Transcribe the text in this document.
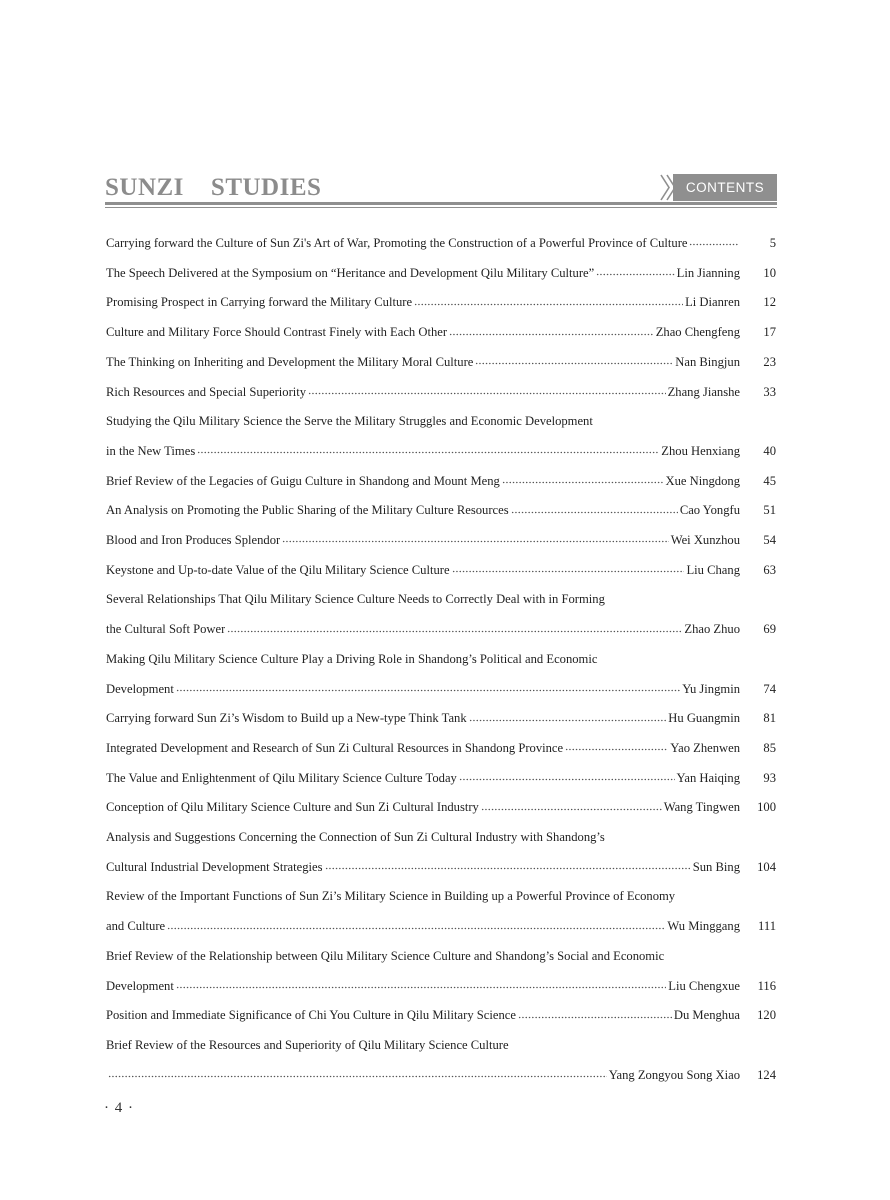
SUNZI    STUDIES	CONTENTS
Carrying forward the Culture of Sun Zi's Art of War, Promoting the Construction of a Powerful Province of Culture	5
The Speech Delivered at the Symposium on “Heritance and Development Qilu Military Culture”	Lin Jianning	10
Promising Prospect in Carrying forward the Military Culture	Li Dianren	12
Culture and Military Force Should Contrast Finely with Each Other	Zhao Chengfeng	17
The Thinking on Inheriting and Development the Military Moral Culture	Nan Bingjun	23
Rich Resources and Special Superiority	Zhang Jianshe	33
Studying the Qilu Military Science the Serve the Military Struggles and Economic Development
in the New Times	Zhou Henxiang	40
Brief Review of the Legacies of Guigu Culture in Shandong and Mount Meng	Xue Ningdong	45
An Analysis on Promoting the Public Sharing of the Military Culture Resources	Cao Yongfu	51
Blood and Iron Produces Splendor	Wei Xunzhou	54
Keystone and Up-to-date Value of the Qilu Military Science Culture	Liu Chang	63
Several Relationships That Qilu Military Science Culture Needs to Correctly Deal with in Forming
the Cultural Soft Power	Zhao Zhuo	69
Making Qilu Military Science Culture Play a Driving Role in Shandong’s Political and Economic
Development	Yu Jingmin	74
Carrying forward Sun Zi’s Wisdom to Build up a New-type Think Tank	Hu Guangmin	81
Integrated Development and Research of Sun Zi Cultural Resources in Shandong Province	Yao Zhenwen	85
The Value and Enlightenment of Qilu Military Science Culture Today	Yan Haiqing	93
Conception of Qilu Military Science Culture and Sun Zi Cultural Industry	Wang Tingwen 100
Analysis and Suggestions Concerning the Connection of Sun Zi Cultural Industry with Shandong’s
Cultural Industrial Development Strategies	Sun Bing 104
Review of the Important Functions of Sun Zi’s Military Science in Building up a Powerful Province of Economy
and Culture	Wu Minggang	111
Brief Review of the Relationship between Qilu Military Science Culture and Shandong’s Social and Economic
Development	Liu Chengxue 116
Position and Immediate Significance of Chi You Culture in Qilu Military Science	Du Menghua 120
Brief Review of the Resources and Superiority of Qilu Military Science Culture
Yang Zongyou Song Xiao 124
· 4 ·
